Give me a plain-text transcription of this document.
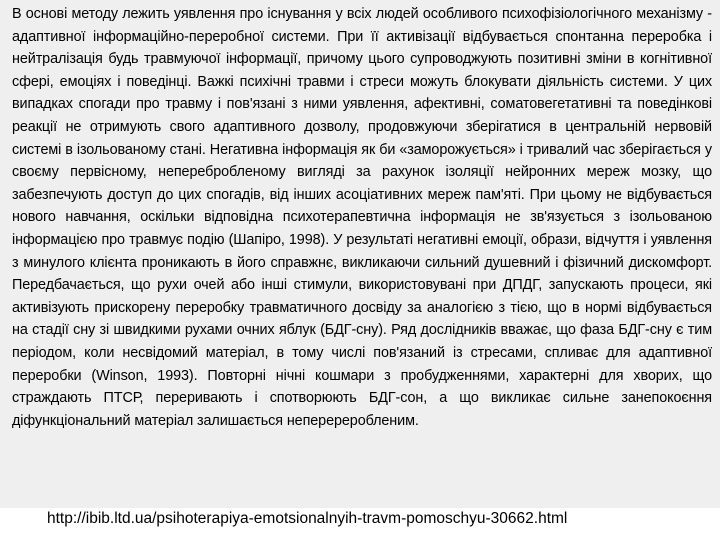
В основі методу лежить уявлення про існування у всіх людей особливого психофізіологічного механізму - адаптивної інформаційно-переробної системи. При її активізації відбувається спонтанна переробка і нейтралізація будь травмуючої інформації, причому цього супроводжують позитивні зміни в когнітивної сфері, емоціях і поведінці. Важкі психічні травми і стреси можуть блокувати діяльність системи. У цих випадках спогади про травму і пов'язані з ними уявлення, афективні, соматовегетативні та поведінкові реакції не отримують свого адаптивного дозволу, продовжуючи зберігатися в центральній нервовій системі в ізольованому стані. Негативна інформація як би «заморожується» і тривалий час зберігається у своєму первісному, неперебробленому вигляді за рахунок ізоляції нейронних мереж мозку, що забезпечують доступ до цих спогадів, від інших асоціативних мереж пам'яті. При цьому не відбувається нового навчання, оскільки відповідна психотерапевтична інформація не зв'язується з ізольованою інформацією про травмує подію (Шапіро, 1998). У результаті негативні емоції, образи, відчуття і уявлення з минулого клієнта проникають в його справжнє, викликаючи сильний душевний і фізичний дискомфорт. Передбачається, що рухи очей або інші стимули, використовувані при ДПДГ, запускають процеси, які активізують прискорену переробку травматичного досвіду за аналогією з тією, що в нормі відбувається на стадії сну зі швидкими рухами очних яблук (БДГ-сну). Ряд дослідників вважає, що фаза БДГ-сну є тим періодом, коли несвідомий матеріал, в тому числі пов'язаний із стресами, спливає для адаптивної переробки (Winson, 1993). Повторні нічні кошмари з пробудженнями, характерні для хворих, що страждають ПТСР, переривають і спотворюють БДГ-сон, а що викликає сильне занепокоєння діфункціональний матеріал залишається неперереробленим.

http://ibib.ltd.ua/psihoterapiya-emotsionalnyih-travm-pomoschyu-30662.html
